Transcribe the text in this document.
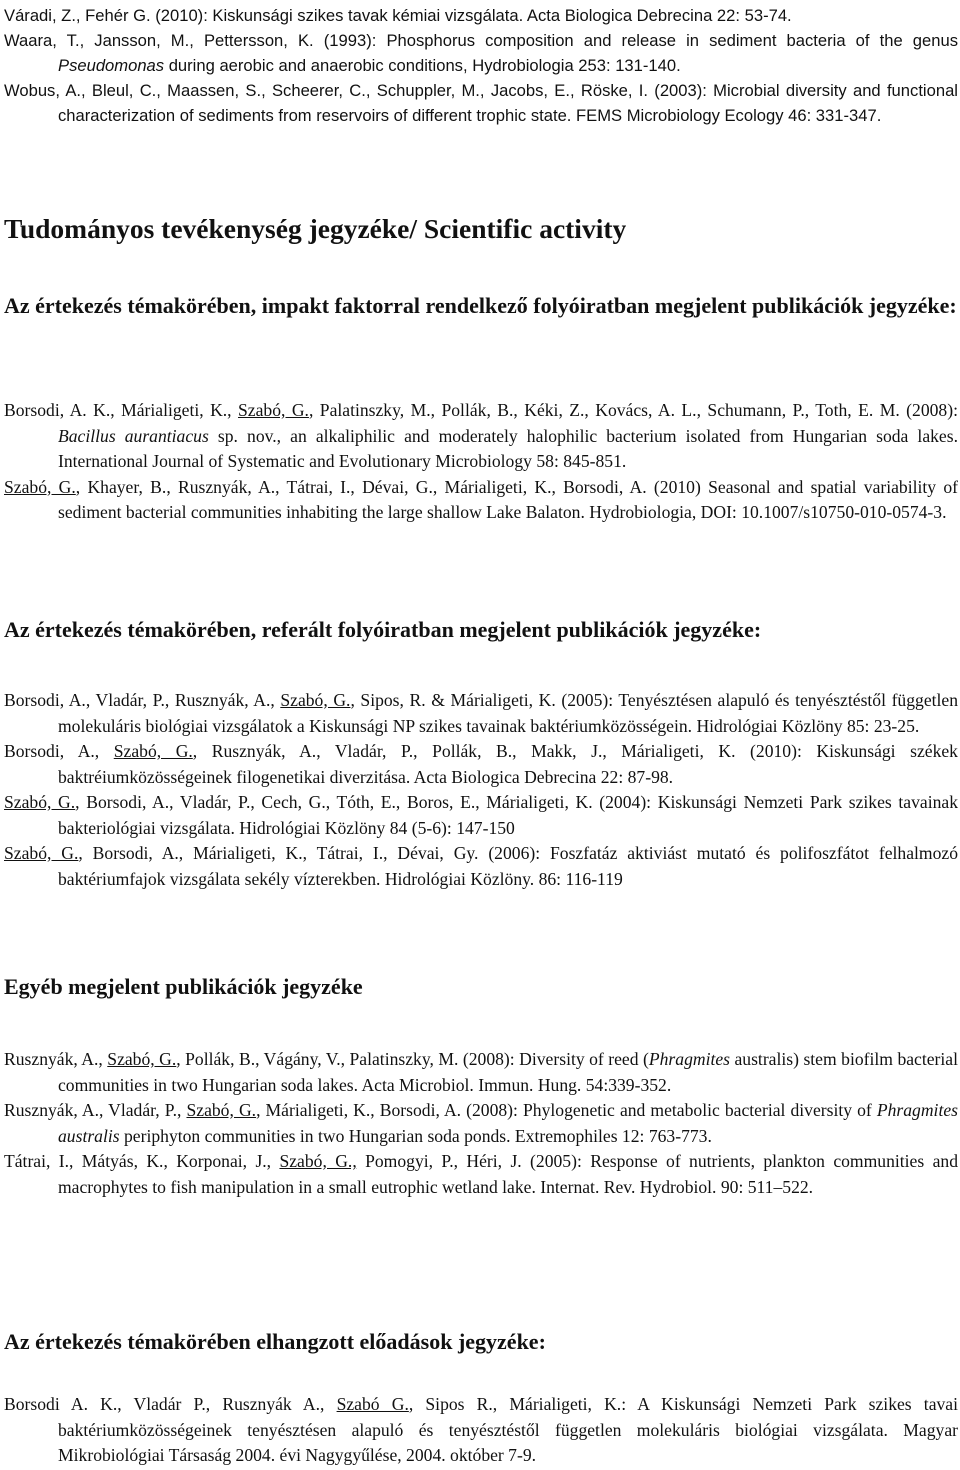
Váradi, Z., Fehér G. (2010): Kiskunsági szikes tavak kémiai vizsgálata. Acta Biologica Debrecina 22: 53-74.

Waara, T., Jansson, M., Pettersson, K. (1993): Phosphorus composition and release in sediment bacteria of the genus Pseudomonas during aerobic and anaerobic conditions, Hydrobiologia 253: 131-140.

Wobus, A., Bleul, C., Maassen, S., Scheerer, C., Schuppler, M., Jacobs, E., Röske, I. (2003): Microbial diversity and functional characterization of sediments from reservoirs of different trophic state. FEMS Microbiology Ecology 46: 331-347.

Tudományos tevékenység jegyzéke/ Scientific activity
Az értekezés témakörében, impakt faktorral rendelkező folyóiratban megjelent publikációk jegyzéke:

Borsodi, A. K., Márialigeti, K., Szabó, G., Palatinszky, M., Pollák, B., Kéki, Z., Kovács, A. L., Schumann, P., Toth, E. M. (2008): Bacillus aurantiacus sp. nov., an alkaliphilic and moderately halophilic bacterium isolated from Hungarian soda lakes. International Journal of Systematic and Evolutionary Microbiology 58: 845-851.

Szabó, G., Khayer, B., Rusznyák, A., Tátrai, I., Dévai, G., Márialigeti, K., Borsodi, A. (2010) Seasonal and spatial variability of sediment bacterial communities inhabiting the large shallow Lake Balaton. Hydrobiologia, DOI: 10.1007/s10750-010-0574-3.

Az értekezés témakörében, referált folyóiratban megjelent publikációk jegyzéke:

Borsodi, A., Vladár, P., Rusznyák, A., Szabó, G., Sipos, R. & Márialigeti, K. (2005): Tenyésztésen alapuló és tenyésztéstől független molekuláris biológiai vizsgálatok a Kiskunsági NP szikes tavainak baktériumközösségein. Hidrológiai Közlöny 85: 23-25.

Borsodi, A., Szabó, G., Rusznyák, A., Vladár, P., Pollák, B., Makk, J., Márialigeti, K. (2010): Kiskunsági székek baktréiumközösségeinek filogenetikai diverzitása. Acta Biologica Debrecina 22: 87-98.

Szabó, G., Borsodi, A., Vladár, P., Cech, G., Tóth, E., Boros, E., Márialigeti, K. (2004): Kiskunsági Nemzeti Park szikes tavainak bakteriológiai vizsgálata. Hidrológiai Közlöny 84 (5-6): 147-150

Szabó, G., Borsodi, A., Márialigeti, K., Tátrai, I., Dévai, Gy. (2006): Foszfatáz aktiviást mutató és polifoszfátot felhalmozó baktériumfajok vizsgálata sekély vízterekben. Hidrológiai Közlöny. 86: 116-119

Egyéb megjelent publikációk jegyzéke

Rusznyák, A., Szabó, G., Pollák, B., Vágány, V., Palatinszky, M. (2008): Diversity of reed (Phragmites australis) stem biofilm bacterial communities in two Hungarian soda lakes. Acta Microbiol. Immun. Hung. 54:339-352.

Rusznyák, A., Vladár, P., Szabó, G., Márialigeti, K., Borsodi, A. (2008): Phylogenetic and metabolic bacterial diversity of Phragmites australis periphyton communities in two Hungarian soda ponds. Extremophiles 12: 763-773.

Tátrai, I., Mátyás, K., Korponai, J., Szabó, G., Pomogyi, P., Héri, J. (2005): Response of nutrients, plankton communities and macrophytes to fish manipulation in a small eutrophic wetland lake. Internat. Rev. Hydrobiol. 90: 511–522.

Az értekezés témakörében elhangzott előadások jegyzéke:

Borsodi A. K., Vladár P., Rusznyák A., Szabó G., Sipos R., Márialigeti, K.: A Kiskunsági Nemzeti Park szikes tavai baktériumközösségeinek tenyésztésen alapuló és tenyésztéstől független molekuláris biológiai vizsgálata. Magyar Mikrobiológiai Társaság 2004. évi Nagygyűlése, 2004. október 7-9.
